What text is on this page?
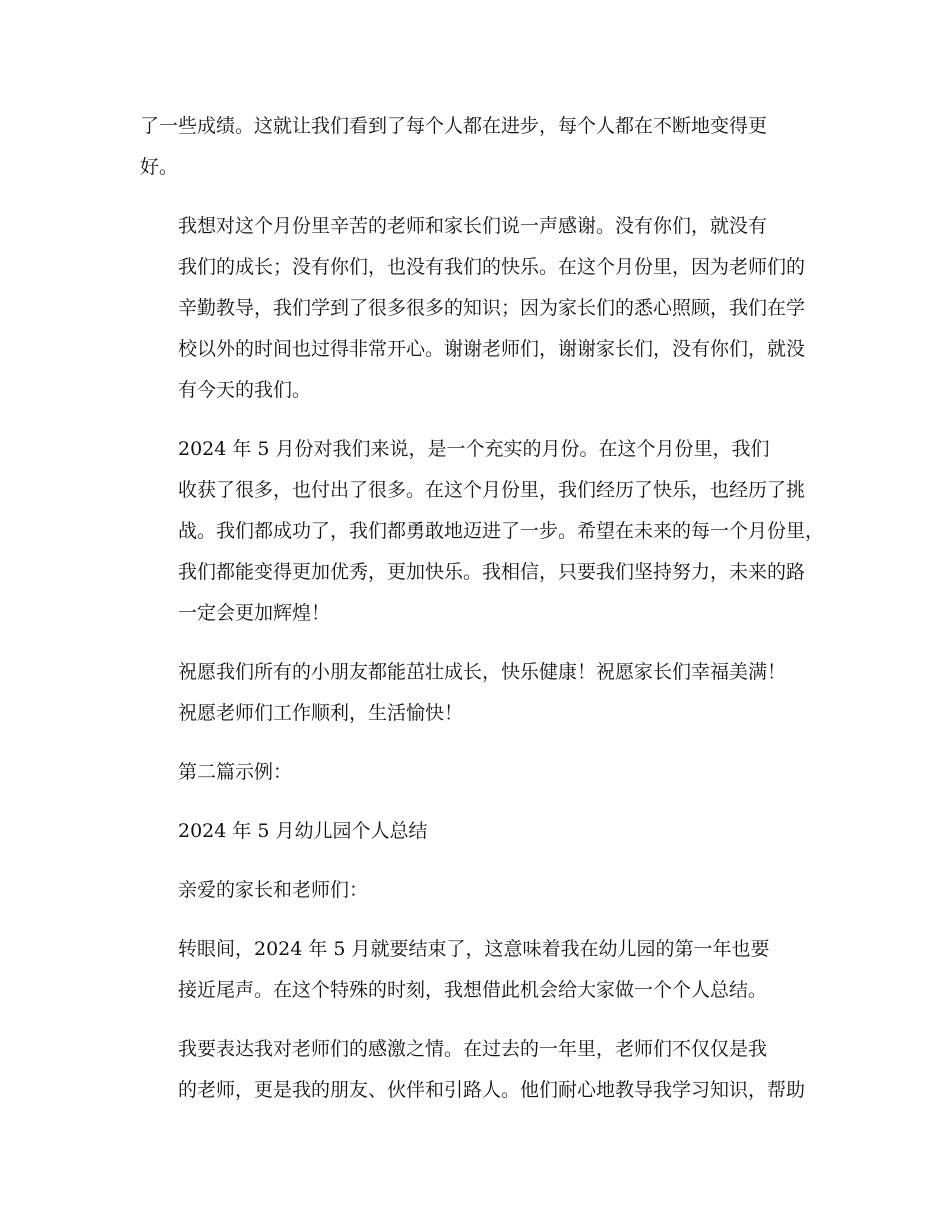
了一些成绩。这就让我们看到了每个人都在进步，每个人都在不断地变得更
好。
我想对这个月份里辛苦的老师和家长们说一声感谢。没有你们，就没有
我们的成长；没有你们，也没有我们的快乐。在这个月份里，因为老师们的
辛勤教导，我们学到了很多很多的知识；因为家长们的悉心照顾，我们在学
校以外的时间也过得非常开心。谢谢老师们，谢谢家长们，没有你们，就没
有今天的我们。
2024 年 5 月份对我们来说，是一个充实的月份。在这个月份里，我们
收获了很多，也付出了很多。在这个月份里，我们经历了快乐，也经历了挑
战。我们都成功了，我们都勇敢地迈进了一步。希望在未来的每一个月份里，
我们都能变得更加优秀，更加快乐。我相信，只要我们坚持努力，未来的路
一定会更加辉煌！
祝愿我们所有的小朋友都能茁壮成长，快乐健康！祝愿家长们幸福美满！
祝愿老师们工作顺利，生活愉快！
第二篇示例：
2024 年 5 月幼儿园个人总结
亲爱的家长和老师们：
转眼间，2024 年 5 月就要结束了，这意味着我在幼儿园的第一年也要
接近尾声。在这个特殊的时刻，我想借此机会给大家做一个个人总结。
我要表达我对老师们的感激之情。在过去的一年里，老师们不仅仅是我
的老师，更是我的朋友、伙伴和引路人。他们耐心地教导我学习知识，帮助
